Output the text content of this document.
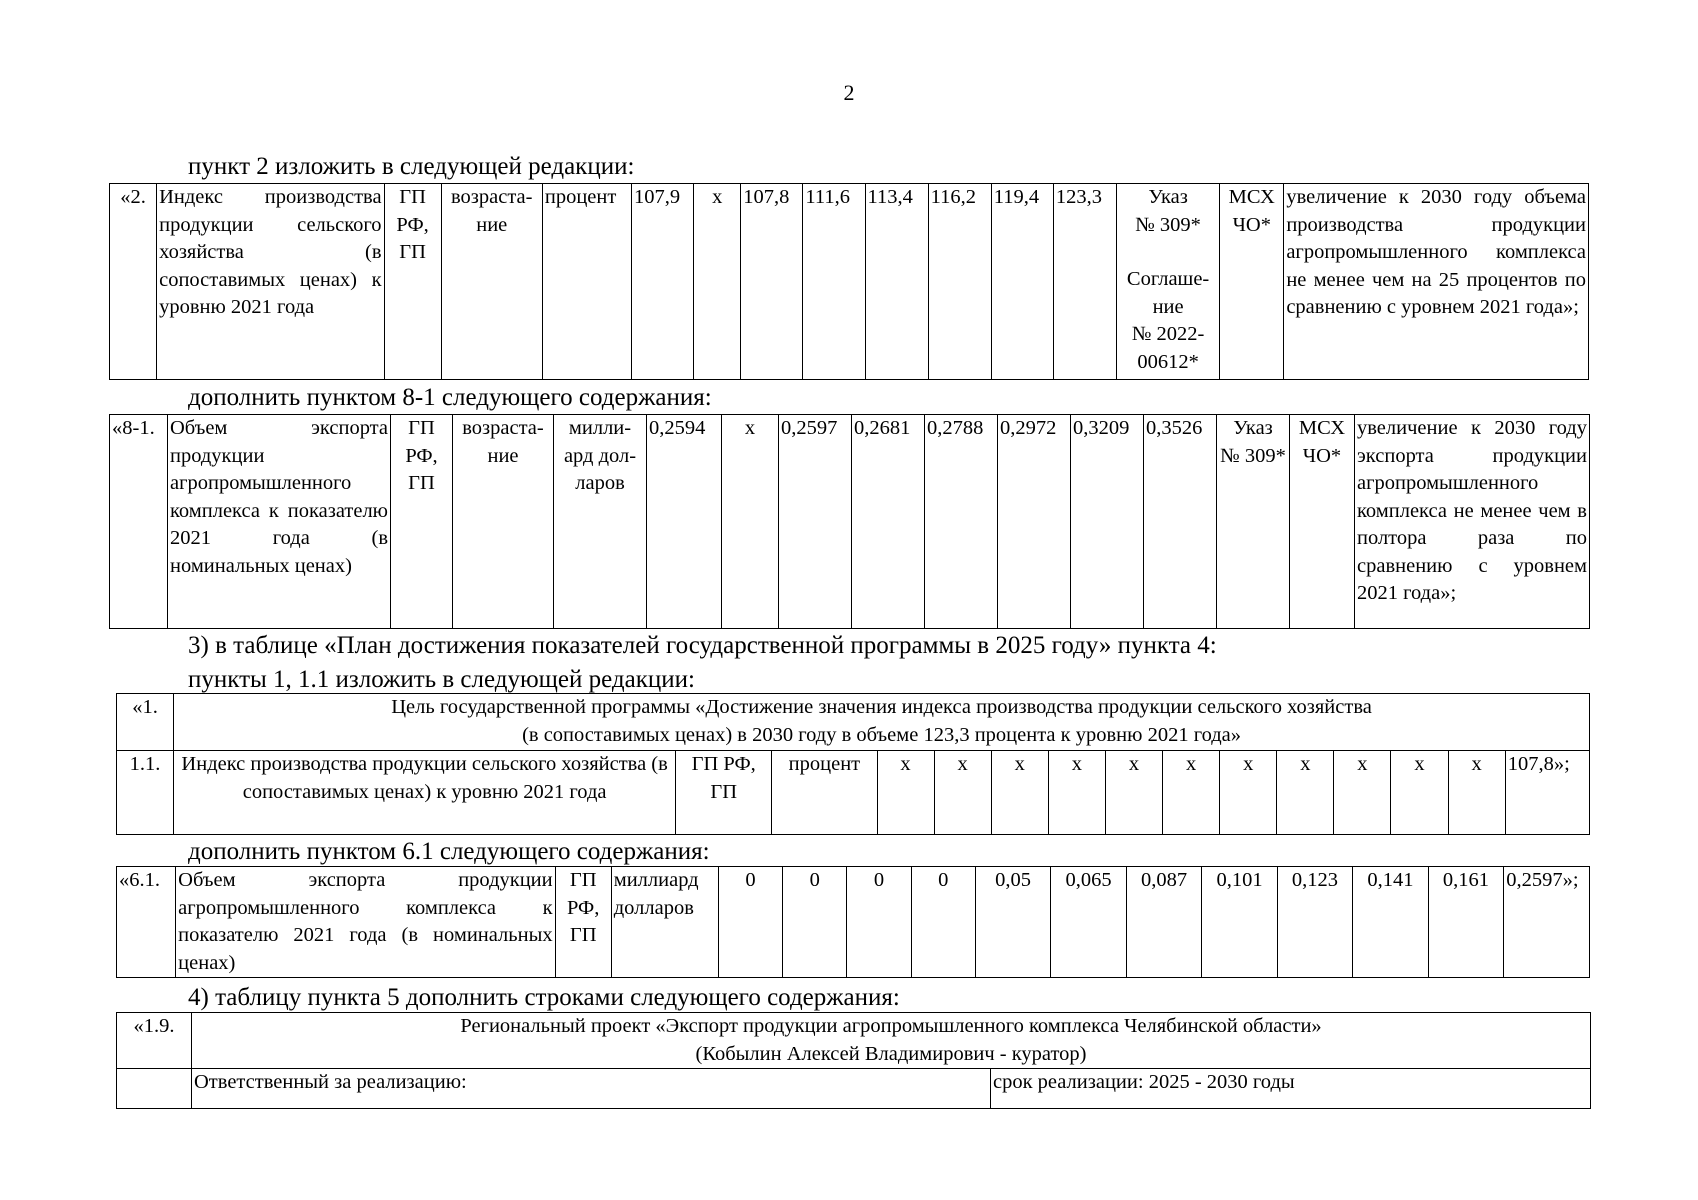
2
пункт 2 изложить в следующей редакции:
«2.	Индекс производства продукции сельского хозяйства (в сопоставимых ценах) к уровню 2021 года	ГП
РФ,
ГП	возраста-
ние	процент	107,9	х	107,8	111,6	113,4	116,2	119,4	123,3	Указ
№ 309*
Соглаше-
ние
№ 2022-
00612*
	МСХ
ЧО*	увеличение к 2030 году объема производства продукции агропромышленного комплекса не менее чем на 25 процентов по сравнению с уровнем 2021 года»;
дополнить пунктом 8-1 следующего содержания:
«8-1.	Объем экспорта продукции агропромышленного комплекса к показателю 2021 года (в номинальных ценах)	ГП
РФ,
ГП	возраста-
ние	милли-
ард дол-
ларов	0,2594	х	0,2597	0,2681	0,2788	0,2972	0,3209	0,3526	Указ
№ 309*	МСХ
ЧО*	увеличение к 2030 году экспорта продукции агропромышленного комплекса не менее чем в полтора раза по сравнению с уровнем 2021 года»;
3) в таблице «План достижения показателей государственной программы в 2025 году» пункта 4:
пункты 1, 1.1 изложить в следующей редакции:
«1.	Цель государственной программы «Достижение значения индекса производства продукции сельского хозяйства
(в сопоставимых ценах) в 2030 году в объеме 123,3 процента к уровню 2021 года»														
1.1.	Индекс производства продукции сельского хозяйства (в сопоставимых ценах) к уровню 2021 года	ГП РФ,
ГП	процент	х	х	х	х	х	х	х	х	х	х	х	107,8»;
дополнить пунктом 6.1 следующего содержания:
«6.1.	Объем экспорта продукции агропромышленного комплекса к показателю 2021 года (в номинальных ценах)	ГП
РФ,
ГП	миллиард
долларов	0	0	0	0	0,05	0,065	0,087	0,101	0,123	0,141	0,161	0,2597»;
4) таблицу пункта 5 дополнить строками следующего содержания:
«1.9.	Региональный проект «Экспорт продукции агропромышленного комплекса Челябинской области»
(Кобылин Алексей Владимирович - куратор)	
	Ответственный за реализацию:	срок реализации: 2025 - 2030 годы
